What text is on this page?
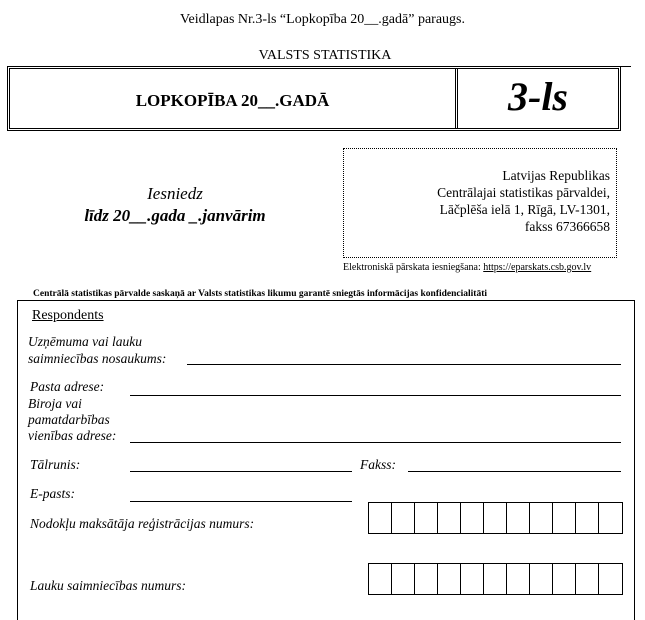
Veidlapas Nr.3-ls “Lopkopība 20__.gadā” paraugs.
VALSTS STATISTIKA
LOPKOPĪBA 20__.GADĀ	3-ls
Iesniedz
līdz 20__.gada _.janvārim
Latvijas Republikas
Centrālajai statistikas pārvaldei,
Lāčplēša ielā 1, Rīgā, LV-1301,
fakss 67366658
Elektroniskā pārskata iesniegšana: https://eparskats.csb.gov.lv
Centrālā statistikas pārvalde saskaņā ar Valsts statistikas likumu garantē sniegtās informācijas konfidencialitāti
Respondents
Uzņēmuma vai lauku
saimniecības nosaukums:
Pasta adrese:
Biroja vai
pamatdarbības
vienības adrese:
Tālrunis:	Fakss:
E-pasts:
Nodokļu maksātāja reģistrācijas numurs:
Lauku saimniecības numurs:
